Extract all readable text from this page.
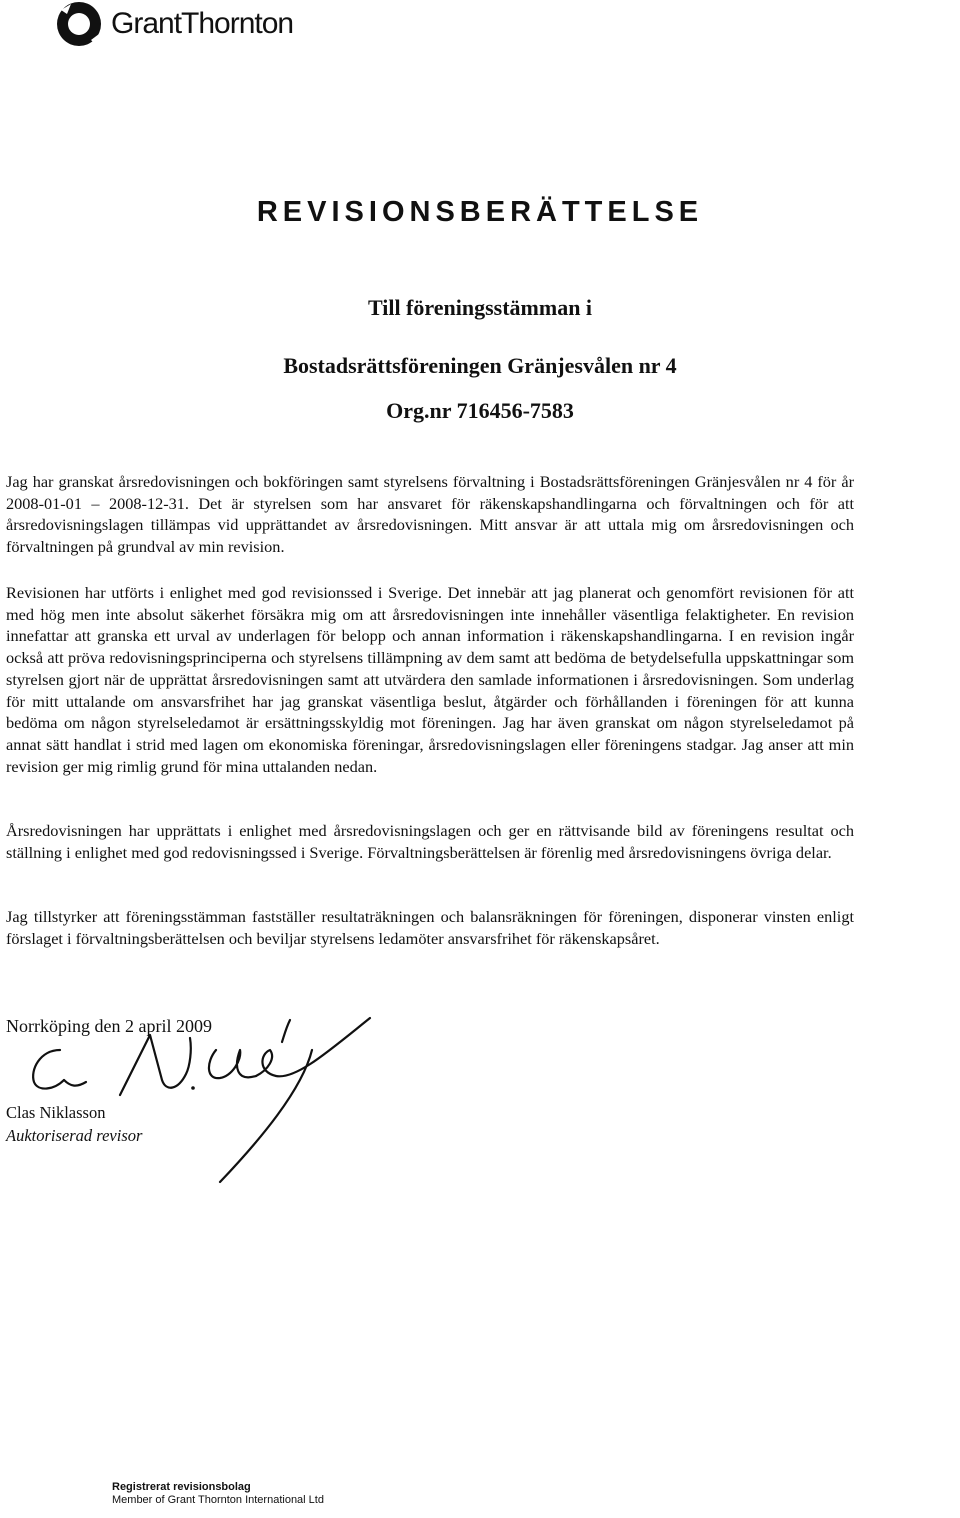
GrantThornton
REVISIONSBERÄTTELSE
Till föreningsstämman i
Bostadsrättsföreningen Gränjesvålen nr 4
Org.nr 716456-7583

Jag har granskat årsredovisningen och bokföringen samt styrelsens förvaltning i Bostadsrättsföreningen Gränjesvålen nr 4 för år 2008-01-01 – 2008-12-31. Det är styrelsen som har ansvaret för räkenskapshandlingarna och förvaltningen och för att årsredovisningslagen tillämpas vid upprättandet av årsredovisningen. Mitt ansvar är att uttala mig om årsredovisningen och förvaltningen på grundval av min revision.

Revisionen har utförts i enlighet med god revisionssed i Sverige. Det innebär att jag planerat och genomfört revisionen för att med hög men inte absolut säkerhet försäkra mig om att årsredovisningen inte innehåller väsentliga felaktigheter. En revision innefattar att granska ett urval av underlagen för belopp och annan information i räkenskapshandlingarna. I en revision ingår också att pröva redovisningsprinciperna och styrelsens tillämpning av dem samt att bedöma de betydelsefulla uppskattningar som styrelsen gjort när de upprättat årsredovisningen samt att utvärdera den samlade informationen i årsredovisningen. Som underlag för mitt uttalande om ansvarsfrihet har jag granskat väsentliga beslut, åtgärder och förhållanden i föreningen för att kunna bedöma om någon styrelseledamot är ersättningsskyldig mot föreningen. Jag har även granskat om någon styrelseledamot på annat sätt handlat i strid med lagen om ekonomiska föreningar, årsredovisningslagen eller föreningens stadgar. Jag anser att min revision ger mig rimlig grund för mina uttalanden nedan.

Årsredovisningen har upprättats i enlighet med årsredovisningslagen och ger en rättvisande bild av föreningens resultat och ställning i enlighet med god redovisningssed i Sverige. Förvaltningsberättelsen är förenlig med årsredovisningens övriga delar.

Jag tillstyrker att föreningsstämman fastställer resultaträkningen och balansräkningen för föreningen, disponerar vinsten enligt förslaget i förvaltningsberättelsen och beviljar styrelsens ledamöter ansvarsfrihet för räkenskapsåret.

Norrköping den 2 april 2009
Clas Niklasson
Auktoriserad revisor
Registrerat revisionsbolag
Member of Grant Thornton International Ltd
